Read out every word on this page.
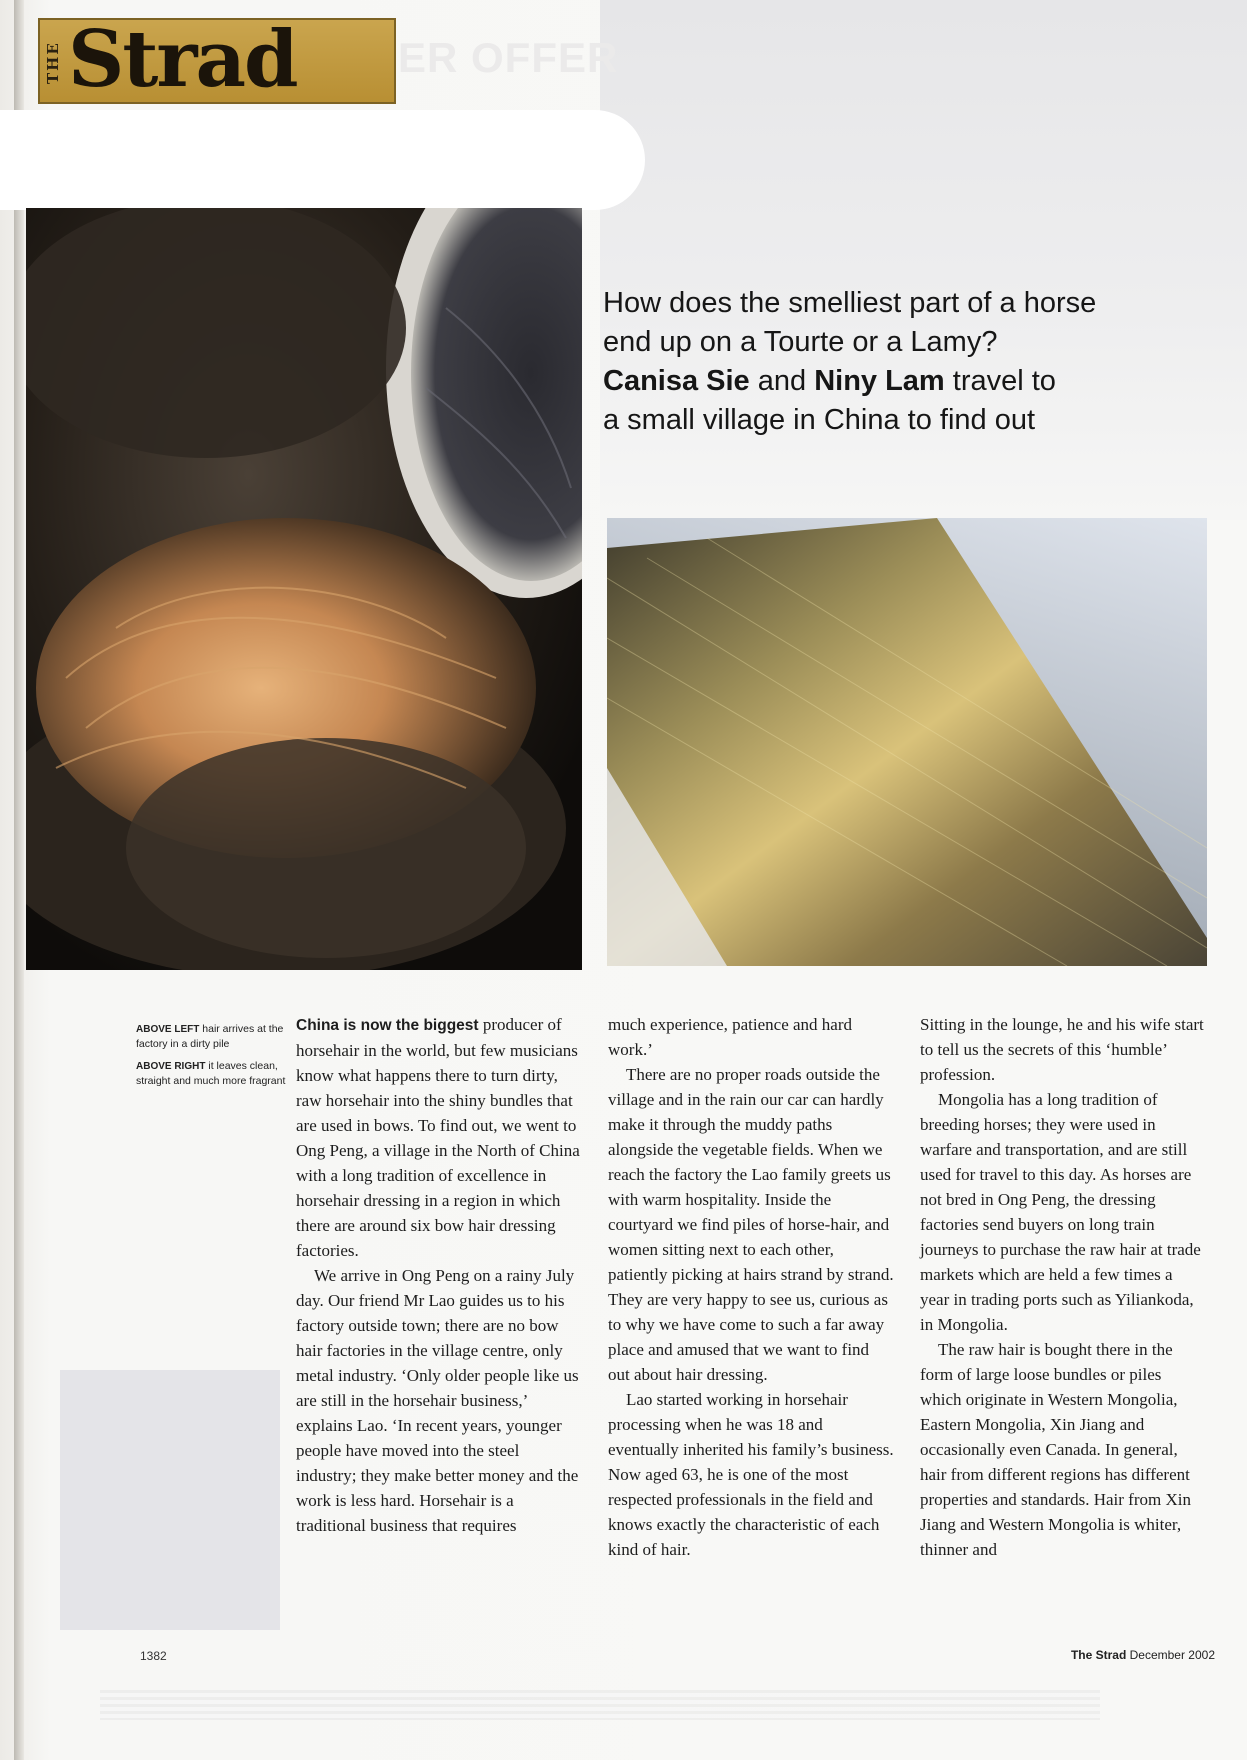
ER OFFER
THE Strad
How does the smelliest part of a horse
end up on a Tourte or a Lamy?
Canisa Sie and Niny Lam travel to
a small village in China to find out

ABOVE LEFT hair arrives at the factory in a dirty pile

ABOVE RIGHT it leaves clean, straight and much more fragrant

China is now the biggest producer of horsehair in the world, but few musicians know what happens there to turn dirty, raw horsehair into the shiny bundles that are used in bows. To find out, we went to Ong Peng, a village in the North of China with a long tradition of excellence in horsehair dressing in a region in which there are around six bow hair dressing factories.

We arrive in Ong Peng on a rainy July day. Our friend Mr Lao guides us to his factory outside town; there are no bow hair factories in the village centre, only metal industry. ‘Only older people like us are still in the horsehair business,’ explains Lao. ‘In recent years, younger people have moved into the steel industry; they make better money and the work is less hard. Horsehair is a traditional business that requires

much experience, patience and hard work.’

There are no proper roads outside the village and in the rain our car can hardly make it through the muddy paths alongside the vegetable fields. When we reach the factory the Lao family greets us with warm hospitality. Inside the courtyard we find piles of horse-hair, and women sitting next to each other, patiently picking at hairs strand by strand. They are very happy to see us, curious as to why we have come to such a far away place and amused that we want to find out about hair dressing.

Lao started working in horsehair processing when he was 18 and eventually inherited his family’s business. Now aged 63, he is one of the most respected professionals in the field and knows exactly the characteristic of each kind of hair.

Sitting in the lounge, he and his wife start to tell us the secrets of this ‘humble’ profession.

Mongolia has a long tradition of breeding horses; they were used in warfare and transportation, and are still used for travel to this day. As horses are not bred in Ong Peng, the dressing factories send buyers on long train journeys to purchase the raw hair at trade markets which are held a few times a year in trading ports such as Yiliankoda, in Mongolia.

The raw hair is bought there in the form of large loose bundles or piles which originate in Western Mongolia, Eastern Mongolia, Xin Jiang and occasionally even Canada. In general, hair from different regions has different properties and standards. Hair from Xin Jiang and Western Mongolia is whiter, thinner and

1382	The Strad December 2002
